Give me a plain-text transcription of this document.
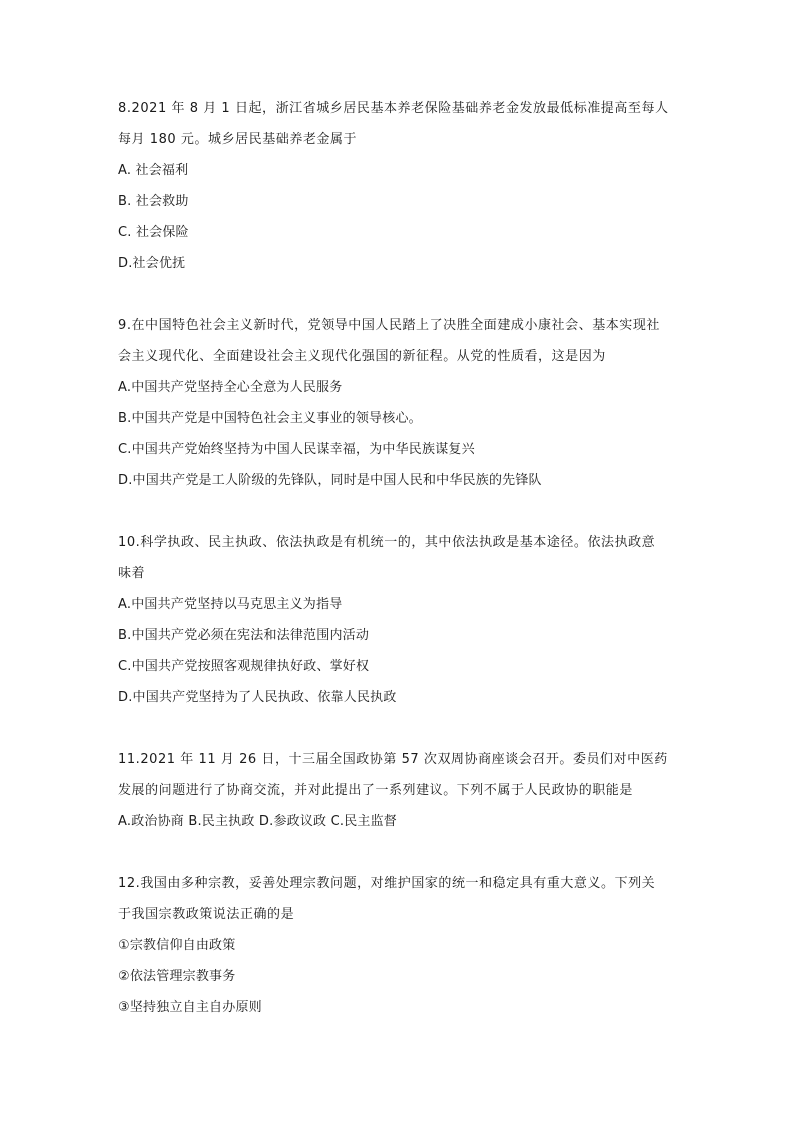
8.2021 年 8 月 1 日起，浙江省城乡居民基本养老保险基础养老金发放最低标准提高至每人
每月 180 元。城乡居民基础养老金属于
A. 社会福利
B. 社会救助
C. 社会保险
D.社会优抚
9.在中国特色社会主义新时代，党领导中国人民踏上了决胜全面建成小康社会、基本实现社
会主义现代化、全面建设社会主义现代化强国的新征程。从党的性质看，这是因为
A.中国共产党坚持全心全意为人民服务
B.中国共产党是中国特色社会主义事业的领导核心。
C.中国共产党始终坚持为中国人民谋幸福，为中华民族谋复兴
D.中国共产党是工人阶级的先锋队，同时是中国人民和中华民族的先锋队
10.科学执政、民主执政、依法执政是有机统一的，其中依法执政是基本途径。依法执政意
味着
A.中国共产党坚持以马克思主义为指导
B.中国共产党必须在宪法和法律范围内活动
C.中国共产党按照客观规律执好政、掌好权
D.中国共产党坚持为了人民执政、依靠人民执政
11.2021 年 11 月 26 日，十三届全国政协第 57 次双周协商座谈会召开。委员们对中医药
发展的问题进行了协商交流，并对此提出了一系列建议。下列不属于人民政协的职能是
A.政治协商 B.民主执政 D.参政议政 C.民主监督
12.我国由多种宗教，妥善处理宗教问题，对维护国家的统一和稳定具有重大意义。下列关
于我国宗教政策说法正确的是
①宗教信仰自由政策
②依法管理宗教事务
③坚持独立自主自办原则
